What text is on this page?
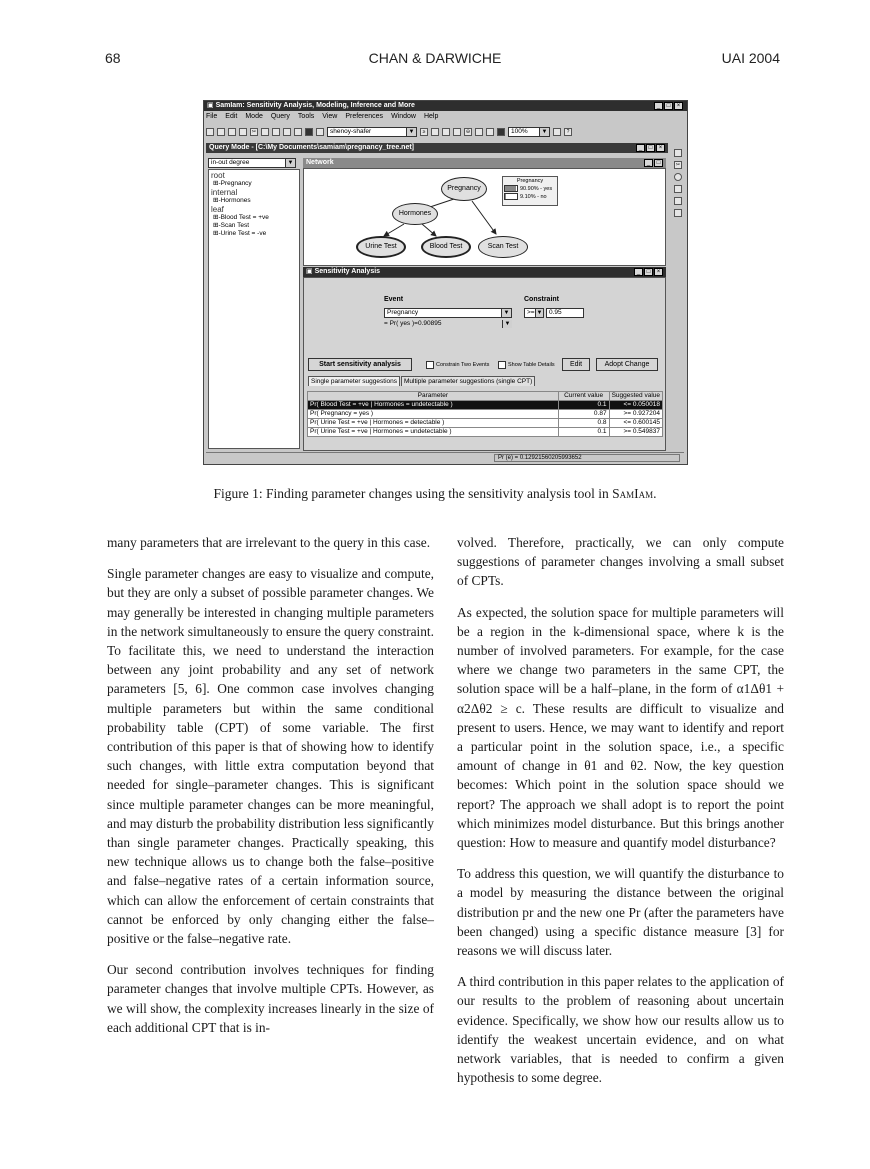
68	CHAN & DARWICHE	UAI 2004
▣ SamIam: Sensitivity Analysis, Modeling, Inference and More	_	□	×
File Edit Mode Query Tools View Preferences Window Help
✂	shenoy-shafer	▼	≥	⊖	100%	▼	?
✂
Query Mode - [C:\My Documents\samiam\pregnancy_tree.net]	_	□	×
in-out degree	▼
root
⊞-Pregnancy
internal
⊞-Hormones
leaf
⊞-Blood Test = +ve
⊞-Scan Test
⊞-Urine Test = -ve
Network	_	□
Pregnancy
Hormones
Urine Test	Blood Test	Scan Test
Pregnancy
90.90% - yes
9.10% - no
▣ Sensitivity Analysis	_	□	×
Event	Constraint
Pregnancy	▼
= Pr( yes )=0.90895	▼
>= ▼	0.95
Start sensitivity analysis	Constrain Two Events	Show Table Details	Edit	Adopt Change
Single parameter suggestions	Multiple parameter suggestions (single CPT)
Parameter	Current value	Suggested value
Pr( Blood Test = +ve | Hormones = undetectable )	0.1	<= 0.050018
Pr( Pregnancy = yes )	0.87	>= 0.927204
Pr( Urine Test = +ve | Hormones = detectable )	0.8	<= 0.600145
Pr( Urine Test = +ve | Hormones = undetectable )	0.1	>= 0.549837
Pr (e) = 0.12921560205993652
Figure 1: Finding parameter changes using the sensitivity analysis tool in SamIam.

many parameters that are irrelevant to the query in this case.

Single parameter changes are easy to visualize and compute, but they are only a subset of possible parameter changes. We may generally be interested in changing multiple parameters in the network simultaneously to ensure the query constraint. To facilitate this, we need to understand the interaction between any joint probability and any set of network parameters [5, 6]. One common case involves changing multiple parameters but within the same conditional probability table (CPT) of some variable. The first contribution of this paper is that of showing how to identify such changes, with little extra computation beyond that needed for single–parameter changes. This is significant since multiple parameter changes can be more meaningful, and may disturb the probability distribution less significantly than single parameter changes. Practically speaking, this new technique allows us to change both the false–positive and false–negative rates of a certain information source, which can allow the enforcement of certain constraints that cannot be enforced by only changing either the false–positive or the false–negative rate.

Our second contribution involves techniques for finding parameter changes that involve multiple CPTs. However, as we will show, the complexity increases linearly in the size of each additional CPT that is in-

volved. Therefore, practically, we can only compute suggestions of parameter changes involving a small subset of CPTs.

As expected, the solution space for multiple parameters will be a region in the k-dimensional space, where k is the number of involved parameters. For example, for the case where we change two parameters in the same CPT, the solution space will be a half–plane, in the form of α1Δθ1 + α2Δθ2 ≥ c. These results are difficult to visualize and present to users. Hence, we may want to identify and report a particular point in the solution space, i.e., a specific amount of change in θ1 and θ2. Now, the key question becomes: Which point in the solution space should we report? The approach we shall adopt is to report the point which minimizes model disturbance. But this brings another question: How to measure and quantify model disturbance?

To address this question, we will quantify the disturbance to a model by measuring the distance between the original distribution pr and the new one Pr (after the parameters have been changed) using a specific distance measure [3] for reasons we will discuss later.

A third contribution in this paper relates to the application of our results to the problem of reasoning about uncertain evidence. Specifically, we show how our results allow us to identify the weakest uncertain evidence, and on what network variables, that is needed to confirm a given hypothesis to some degree.
